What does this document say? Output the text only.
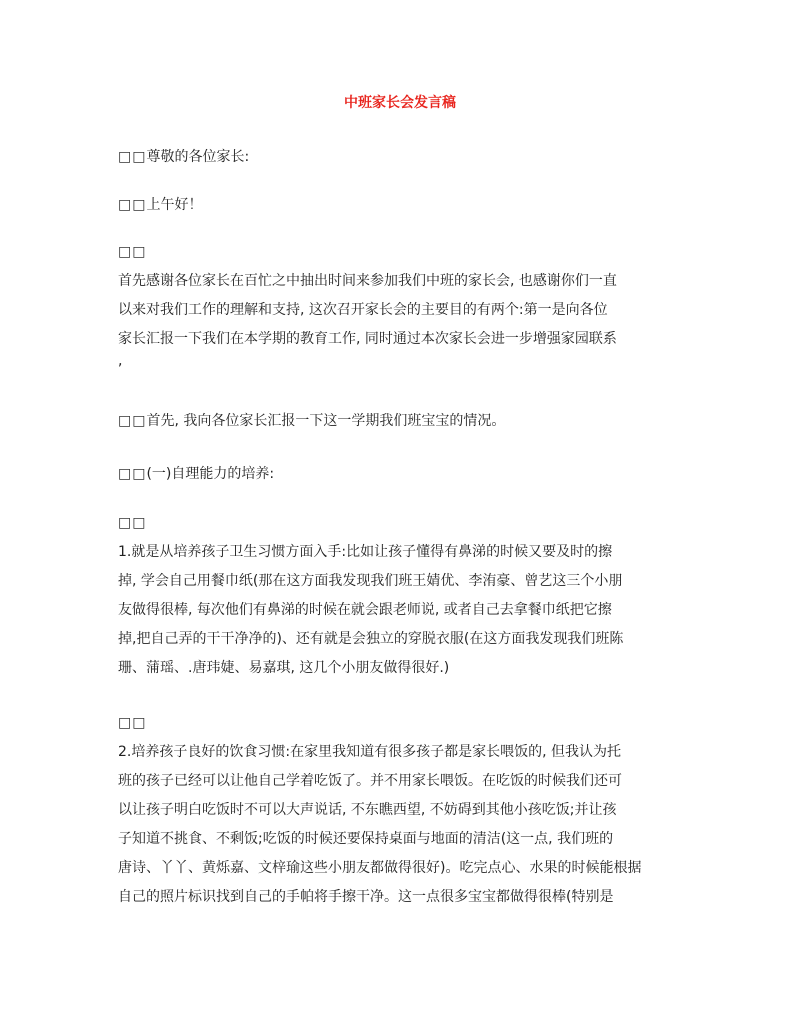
中班家长会发言稿

□□尊敬的各位家长:

□□上午好！

□□
首先感谢各位家长在百忙之中抽出时间来参加我们中班的家长会, 也感谢你们一直
以来对我们工作的理解和支持, 这次召开家长会的主要目的有两个:第一是向各位
家长汇报一下我们在本学期的教育工作, 同时通过本次家长会进一步增强家园联系
,

□□首先, 我向各位家长汇报一下这一学期我们班宝宝的情况。

□□(一)自理能力的培养:

□□
1.就是从培养孩子卫生习惯方面入手:比如让孩子懂得有鼻涕的时候又要及时的擦
掉, 学会自己用餐巾纸(那在这方面我发现我们班王婧优、李洧豪、曾艺这三个小朋
友做得很棒, 每次他们有鼻涕的时候在就会跟老师说, 或者自己去拿餐巾纸把它擦
掉,把自己弄的干干净净的)、还有就是会独立的穿脱衣服(在这方面我发现我们班陈
珊、蒲瑶、.唐玮婕、易嘉琪, 这几个小朋友做得很好.)

□□
2.培养孩子良好的饮食习惯:在家里我知道有很多孩子都是家长喂饭的, 但我认为托
班的孩子已经可以让他自己学着吃饭了。并不用家长喂饭。在吃饭的时候我们还可
以让孩子明白吃饭时不可以大声说话, 不东瞧西望, 不妨碍到其他小孩吃饭;并让孩
子知道不挑食、不剩饭;吃饭的时候还要保持桌面与地面的清洁(这一点, 我们班的
唐诗、丫丫、黄烁嘉、文梓瑜这些小朋友都做得很好)。吃完点心、水果的时候能根据
自己的照片标识找到自己的手帕将手擦干净。这一点很多宝宝都做得很棒(特别是
